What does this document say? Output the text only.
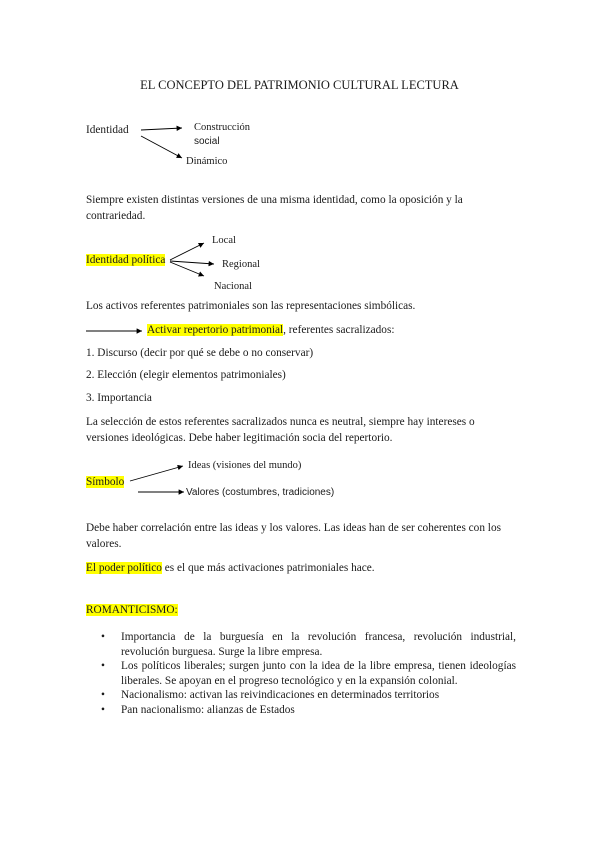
EL CONCEPTO DEL PATRIMONIO CULTURAL LECTURA
Identidad	Construcción
social
Dinámico
Siempre existen distintas versiones de una misma identidad, como la oposición y la contrariedad.
Identidad política
Local
Regional
Nacional
Los activos referentes patrimoniales son las representaciones simbólicas.
Activar repertorio patrimonial, referentes sacralizados:
1. Discurso (decir por qué se debe o no conservar)
2. Elección (elegir elementos patrimoniales)
3. Importancia
La selección de estos referentes sacralizados nunca es neutral, siempre hay intereses o versiones ideológicas. Debe haber legitimación socia del repertorio.
Símbolo
Ideas (visiones del mundo)
Valores (costumbres, tradiciones)
Debe haber correlación entre las ideas y los valores. Las ideas han de ser coherentes con los valores.
El poder político es el que más activaciones patrimoniales hace.
ROMANTICISMO:
• Importancia de la burguesía en la revolución francesa, revolución industrial, revolución burguesa. Surge la libre empresa.
• Los políticos liberales; surgen junto con la idea de la libre empresa, tienen ideologías liberales. Se apoyan en el progreso tecnológico y en la expansión colonial.
• Nacionalismo: activan las reivindicaciones en determinados territorios
• Pan nacionalismo: alianzas de Estados
